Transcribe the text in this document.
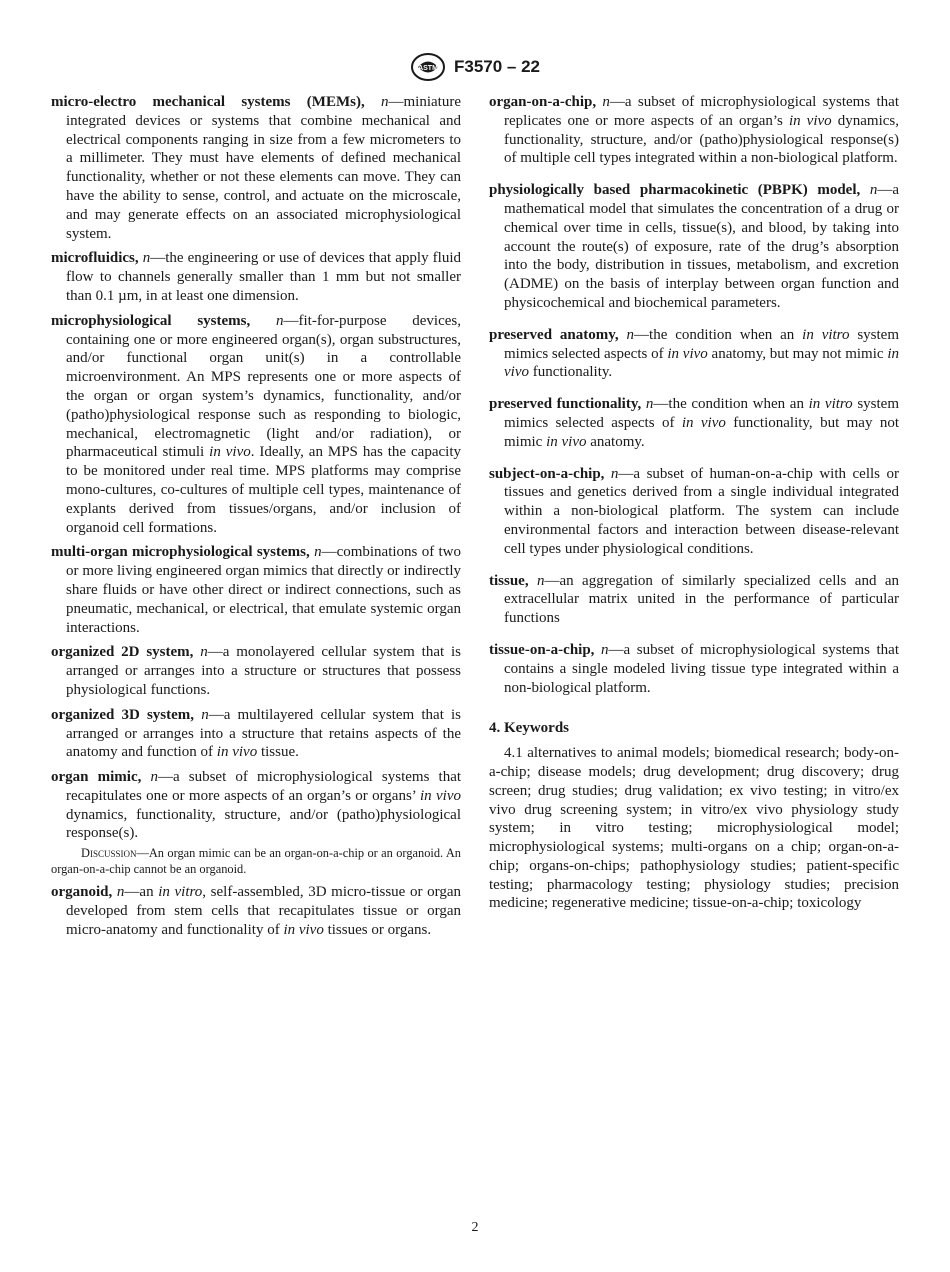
ASTM F3570 – 22

micro-electro mechanical systems (MEMs), n—miniature integrated devices or systems that combine mechanical and electrical components ranging in size from a few micrometers to a millimeter. They must have elements of defined mechanical functionality, whether or not these elements can move. They can have the ability to sense, control, and actuate on the microscale, and may generate effects on an associated microphysiological system.

microfluidics, n—the engineering or use of devices that apply fluid flow to channels generally smaller than 1 mm but not smaller than 0.1 µm, in at least one dimension.

microphysiological systems, n—fit-for-purpose devices, containing one or more engineered organ(s), organ substructures, and/or functional organ unit(s) in a controllable microenvironment. An MPS represents one or more aspects of the organ or organ system’s dynamics, functionality, and/or (patho)physiological response such as responding to biologic, mechanical, electromagnetic (light and/or radiation), or pharmaceutical stimuli in vivo. Ideally, an MPS has the capacity to be monitored under real time. MPS platforms may comprise mono-cultures, co-cultures of multiple cell types, maintenance of explants derived from tissues/organs, and/or inclusion of organoid cell formations.

multi-organ microphysiological systems, n—combinations of two or more living engineered organ mimics that directly or indirectly share fluids or have other direct or indirect connections, such as pneumatic, mechanical, or electrical, that emulate systemic organ interactions.

organized 2D system, n—a monolayered cellular system that is arranged or arranges into a structure or structures that possess physiological functions.

organized 3D system, n—a multilayered cellular system that is arranged or arranges into a structure that retains aspects of the anatomy and function of in vivo tissue.

organ mimic, n—a subset of microphysiological systems that recapitulates one or more aspects of an organ’s or organs’ in vivo dynamics, functionality, structure, and/or (patho)physiological response(s).

Discussion—An organ mimic can be an organ-on-a-chip or an organoid. An organ-on-a-chip cannot be an organoid.

organoid, n—an in vitro, self-assembled, 3D micro-tissue or organ developed from stem cells that recapitulates tissue or organ micro-anatomy and functionality of in vivo tissues or organs.

organ-on-a-chip, n—a subset of microphysiological systems that replicates one or more aspects of an organ’s in vivo dynamics, functionality, structure, and/or (patho)physiological response(s) of multiple cell types integrated within a non-biological platform.

physiologically based pharmacokinetic (PBPK) model, n—a mathematical model that simulates the concentration of a drug or chemical over time in cells, tissue(s), and blood, by taking into account the route(s) of exposure, rate of the drug’s absorption into the body, distribution in tissues, metabolism, and excretion (ADME) on the basis of interplay between organ function and physicochemical and biochemical parameters.

preserved anatomy, n—the condition when an in vitro system mimics selected aspects of in vivo anatomy, but may not mimic in vivo functionality.

preserved functionality, n—the condition when an in vitro system mimics selected aspects of in vivo functionality, but may not mimic in vivo anatomy.

subject-on-a-chip, n—a subset of human-on-a-chip with cells or tissues and genetics derived from a single individual integrated within a non-biological platform. The system can include environmental factors and interaction between disease-relevant cell types under physiological conditions.

tissue, n—an aggregation of similarly specialized cells and an extracellular matrix united in the performance of particular functions

tissue-on-a-chip, n—a subset of microphysiological systems that contains a single modeled living tissue type integrated within a non-biological platform.

4. Keywords

4.1 alternatives to animal models; biomedical research; body-on-a-chip; disease models; drug development; drug discovery; drug screen; drug studies; drug validation; ex vivo testing; in vitro/ex vivo drug screening system; in vitro/ex vivo physiology study system; in vitro testing; microphysiological model; microphysiological systems; multi-organs on a chip; organ-on-a-chip; organs-on-chips; pathophysiology studies; patient-specific testing; pharmacology testing; physiology studies; precision medicine; regenerative medicine; tissue-on-a-chip; toxicology

2
